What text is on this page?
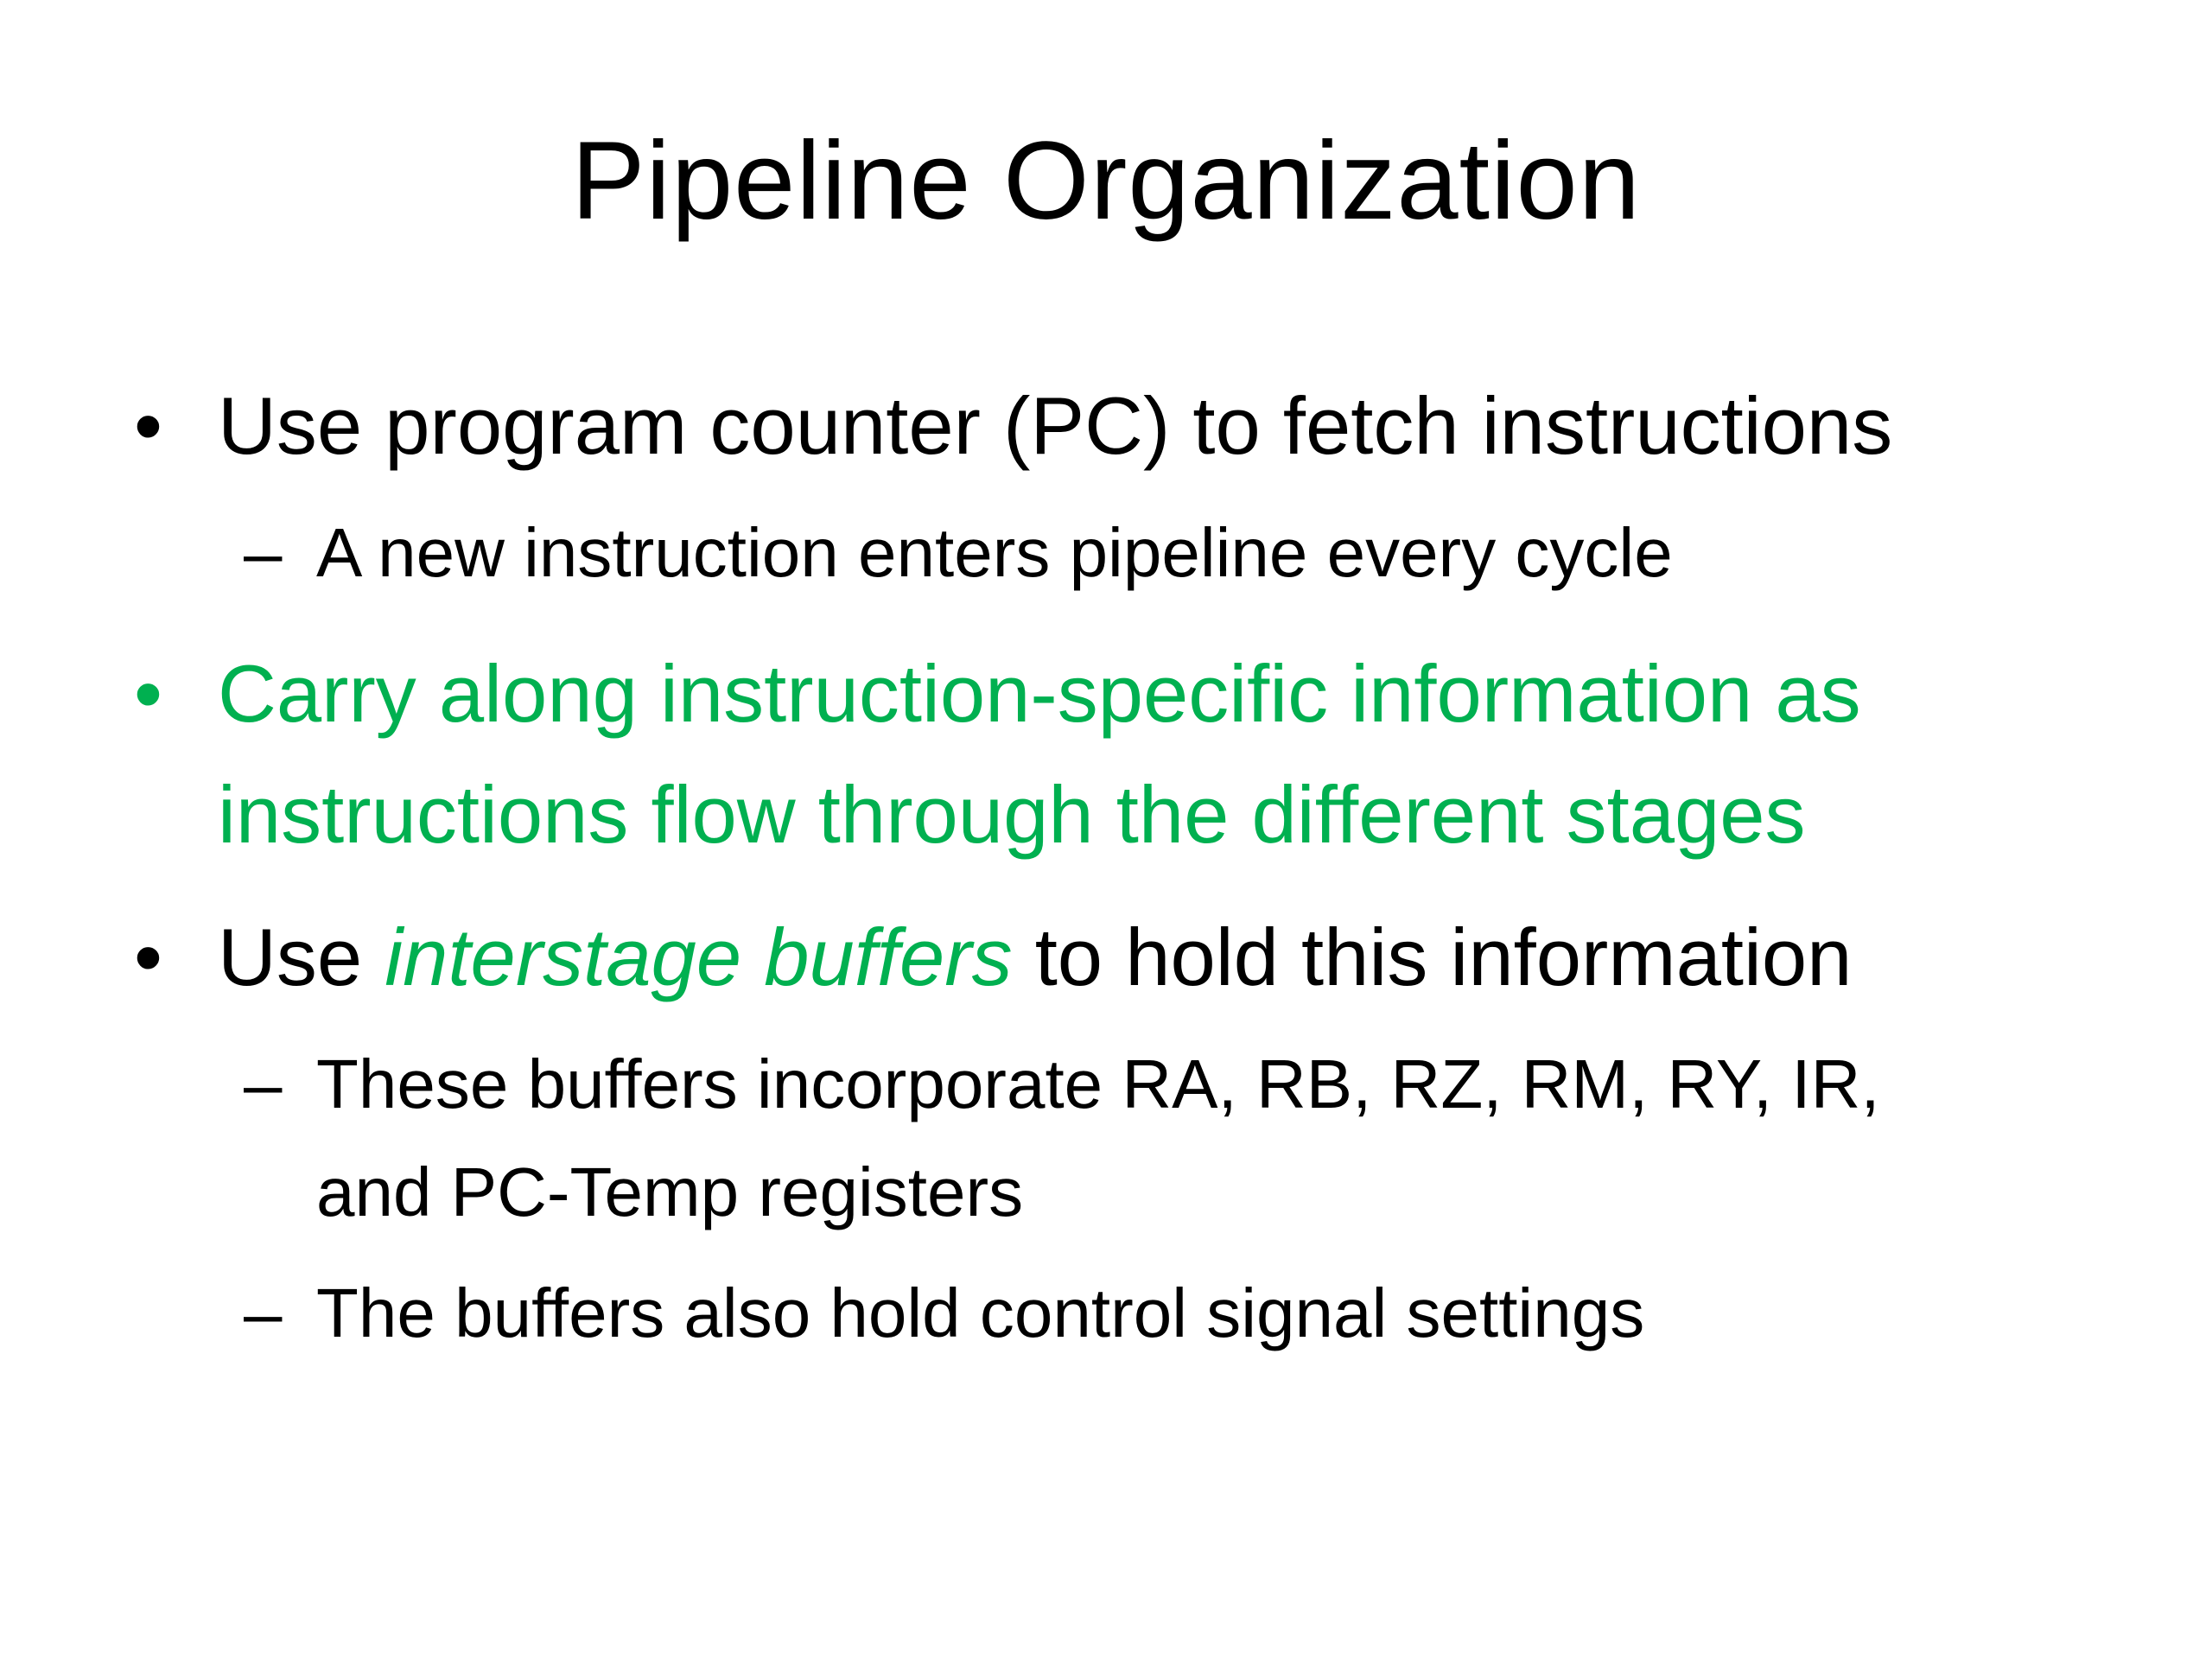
Pipeline Organization
• Use program counter (PC) to fetch instructions
– A new instruction enters pipeline every cycle
• Carry along instruction-specific information as
instructions flow through the different stages
• Use interstage buffers to hold this information
– These buffers incorporate RA, RB, RZ, RM, RY, IR,
and PC-Temp registers
– The buffers also hold control signal settings
